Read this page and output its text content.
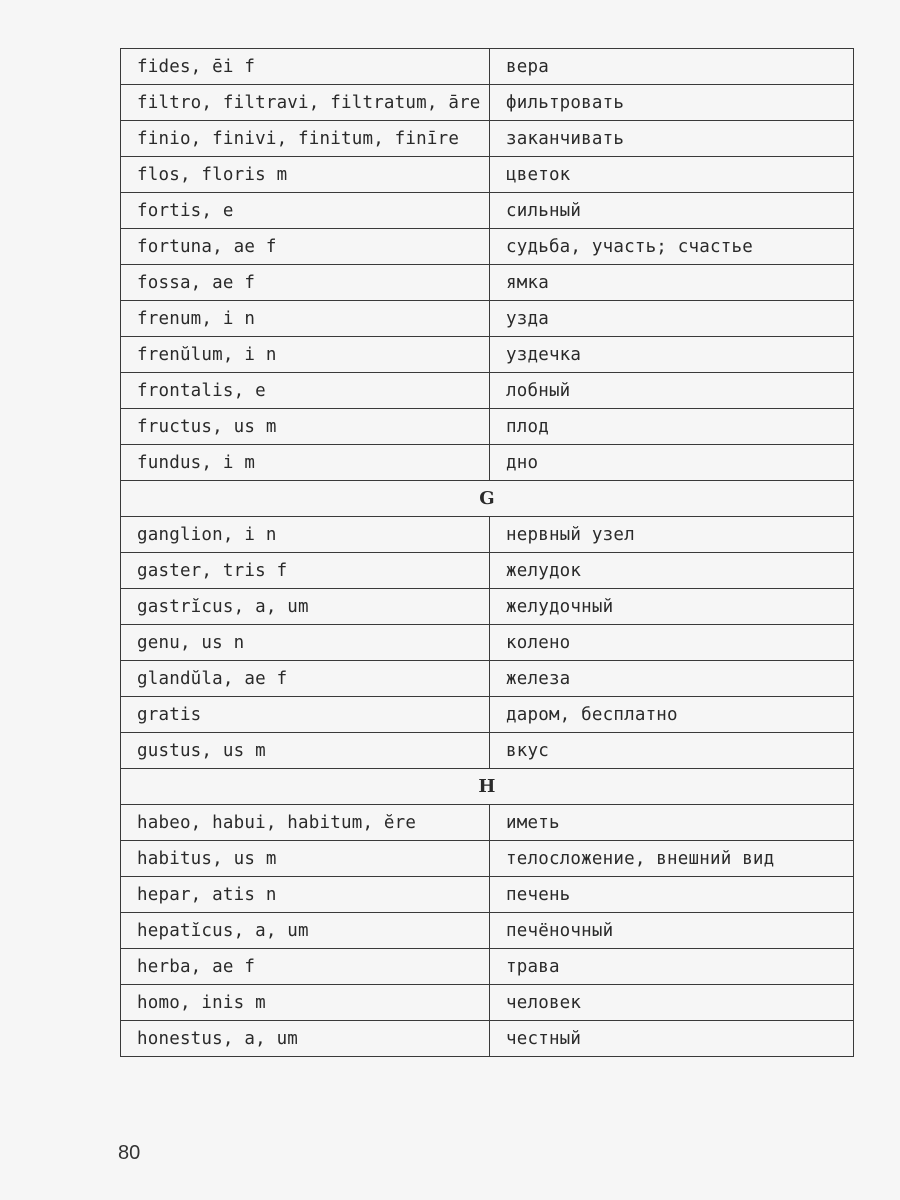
fides, ēi f	вера
filtro, filtravi, filtratum, āre	фильтровать
finio, finivi, finitum, finīre	заканчивать
flos, floris m	цветок
fortis, e	сильный
fortuna, ae f	судьба, участь; счастье
fossa, ae f	ямка
frenum, i n	узда
frenŭlum, i n	уздечка
frontalis, e	лобный
fructus, us m	плод
fundus, i m	дно
G	
ganglion, i n	нервный узел
gaster, tris f	желудок
gastrĭcus, a, um	желудочный
genu, us n	колено
glandŭla, ae f	железа
gratis	даром, бесплатно
gustus, us m	вкус
H	
habeo, habui, habitum, ĕre	иметь
habitus, us m	телосложение, внешний вид
hepar, atis n	печень
hepatĭcus, a, um	печёночный
herba, ae f	трава
homo, inis m	человек
honestus, a, um	честный
80
